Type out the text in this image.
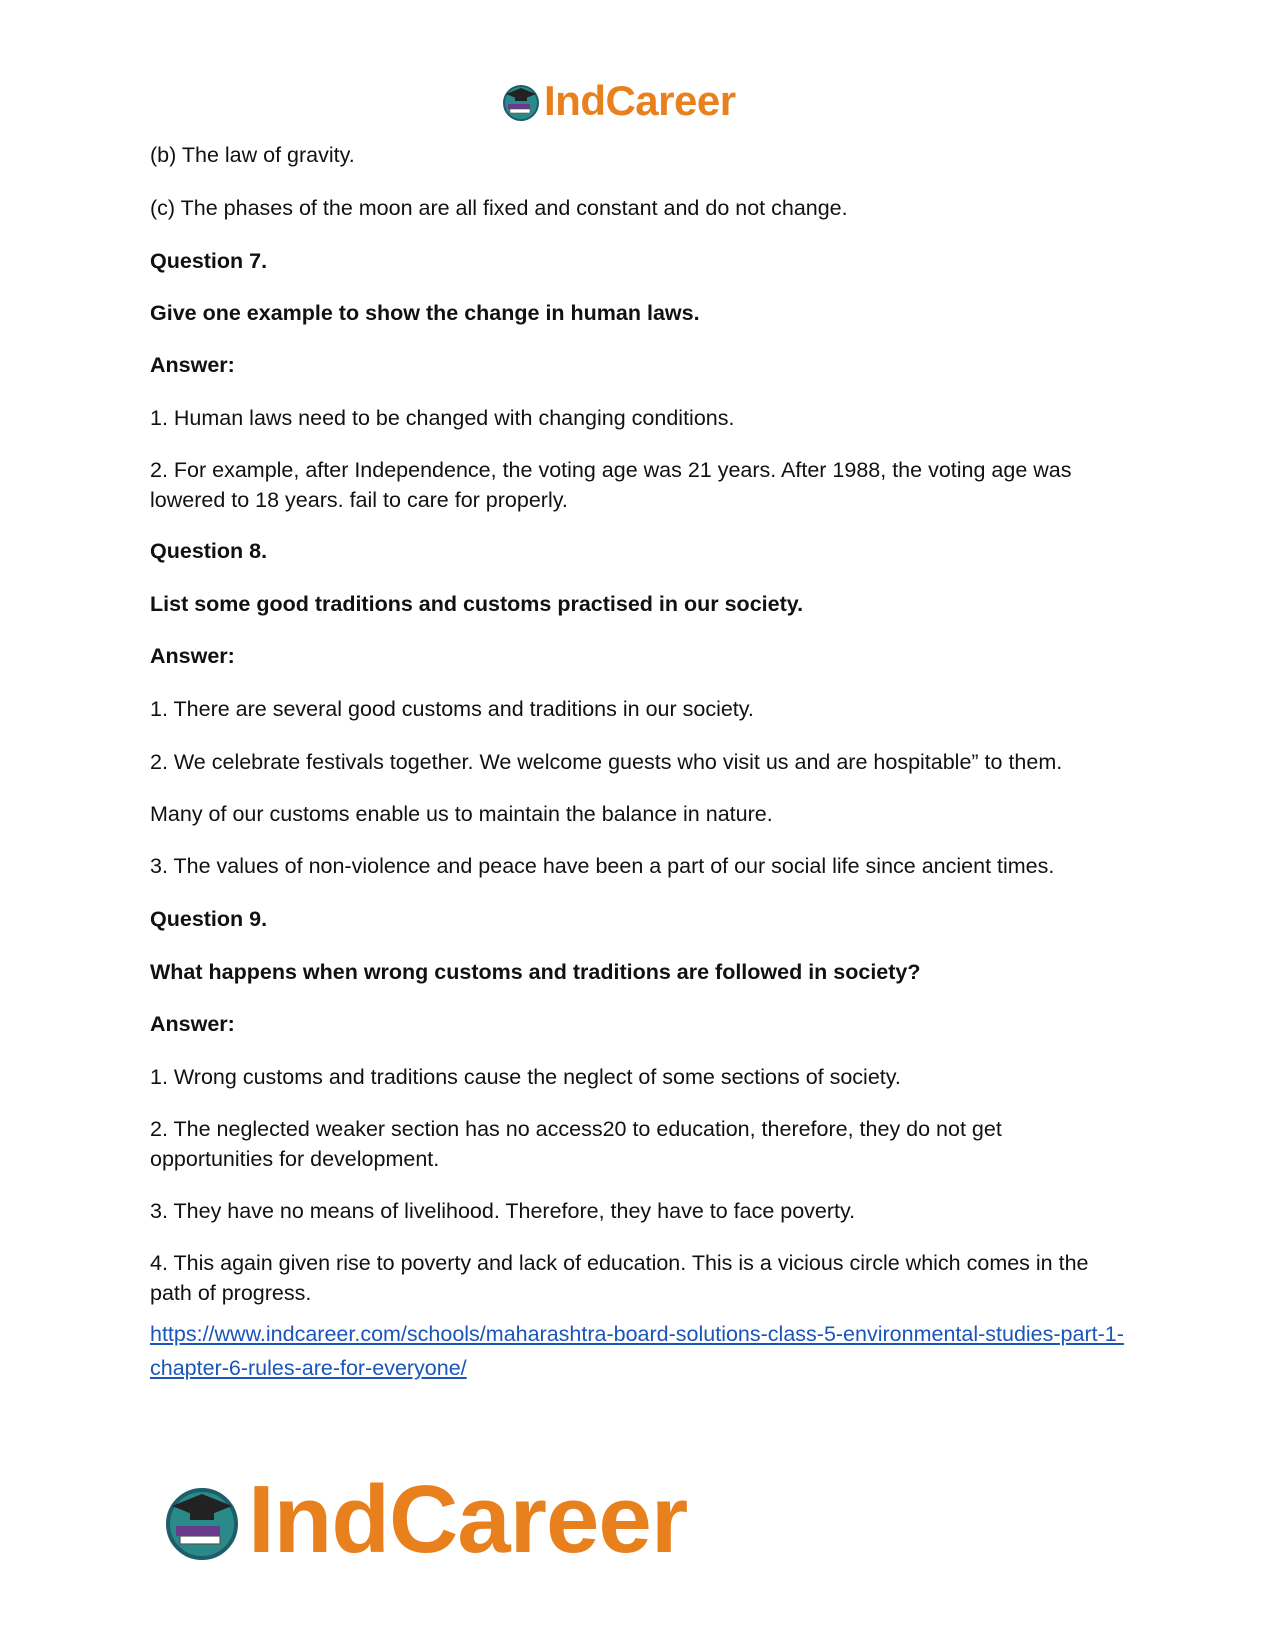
IndCareer

(b) The law of gravity.

(c) The phases of the moon are all fixed and constant and do not change.

Question 7.

Give one example to show the change in human laws.

Answer:

1. Human laws need to be changed with changing conditions.

2. For example, after Independence, the voting age was 21 years. After 1988, the voting age was lowered to 18 years. fail to care for properly.

Question 8.

List some good traditions and customs practised in our society.

Answer:

1. There are several good customs and traditions in our society.

2. We celebrate festivals together. We welcome guests who visit us and are hospitable” to them.

Many of our customs enable us to maintain the balance in nature.

3. The values of non-violence and peace have been a part of our social life since ancient times.

Question 9.

What happens when wrong customs and traditions are followed in society?

Answer:

1. Wrong customs and traditions cause the neglect of some sections of society.

2. The neglected weaker section has no access20 to education, therefore, they do not get opportunities for development.

3. They have no means of livelihood. Therefore, they have to face poverty.

4. This again given rise to poverty and lack of education. This is a vicious circle which comes in the path of progress.

https://www.indcareer.com/schools/maharashtra-board-solutions-class-5-environmental-studies-part-1-chapter-6-rules-are-for-everyone/
IndCareer
